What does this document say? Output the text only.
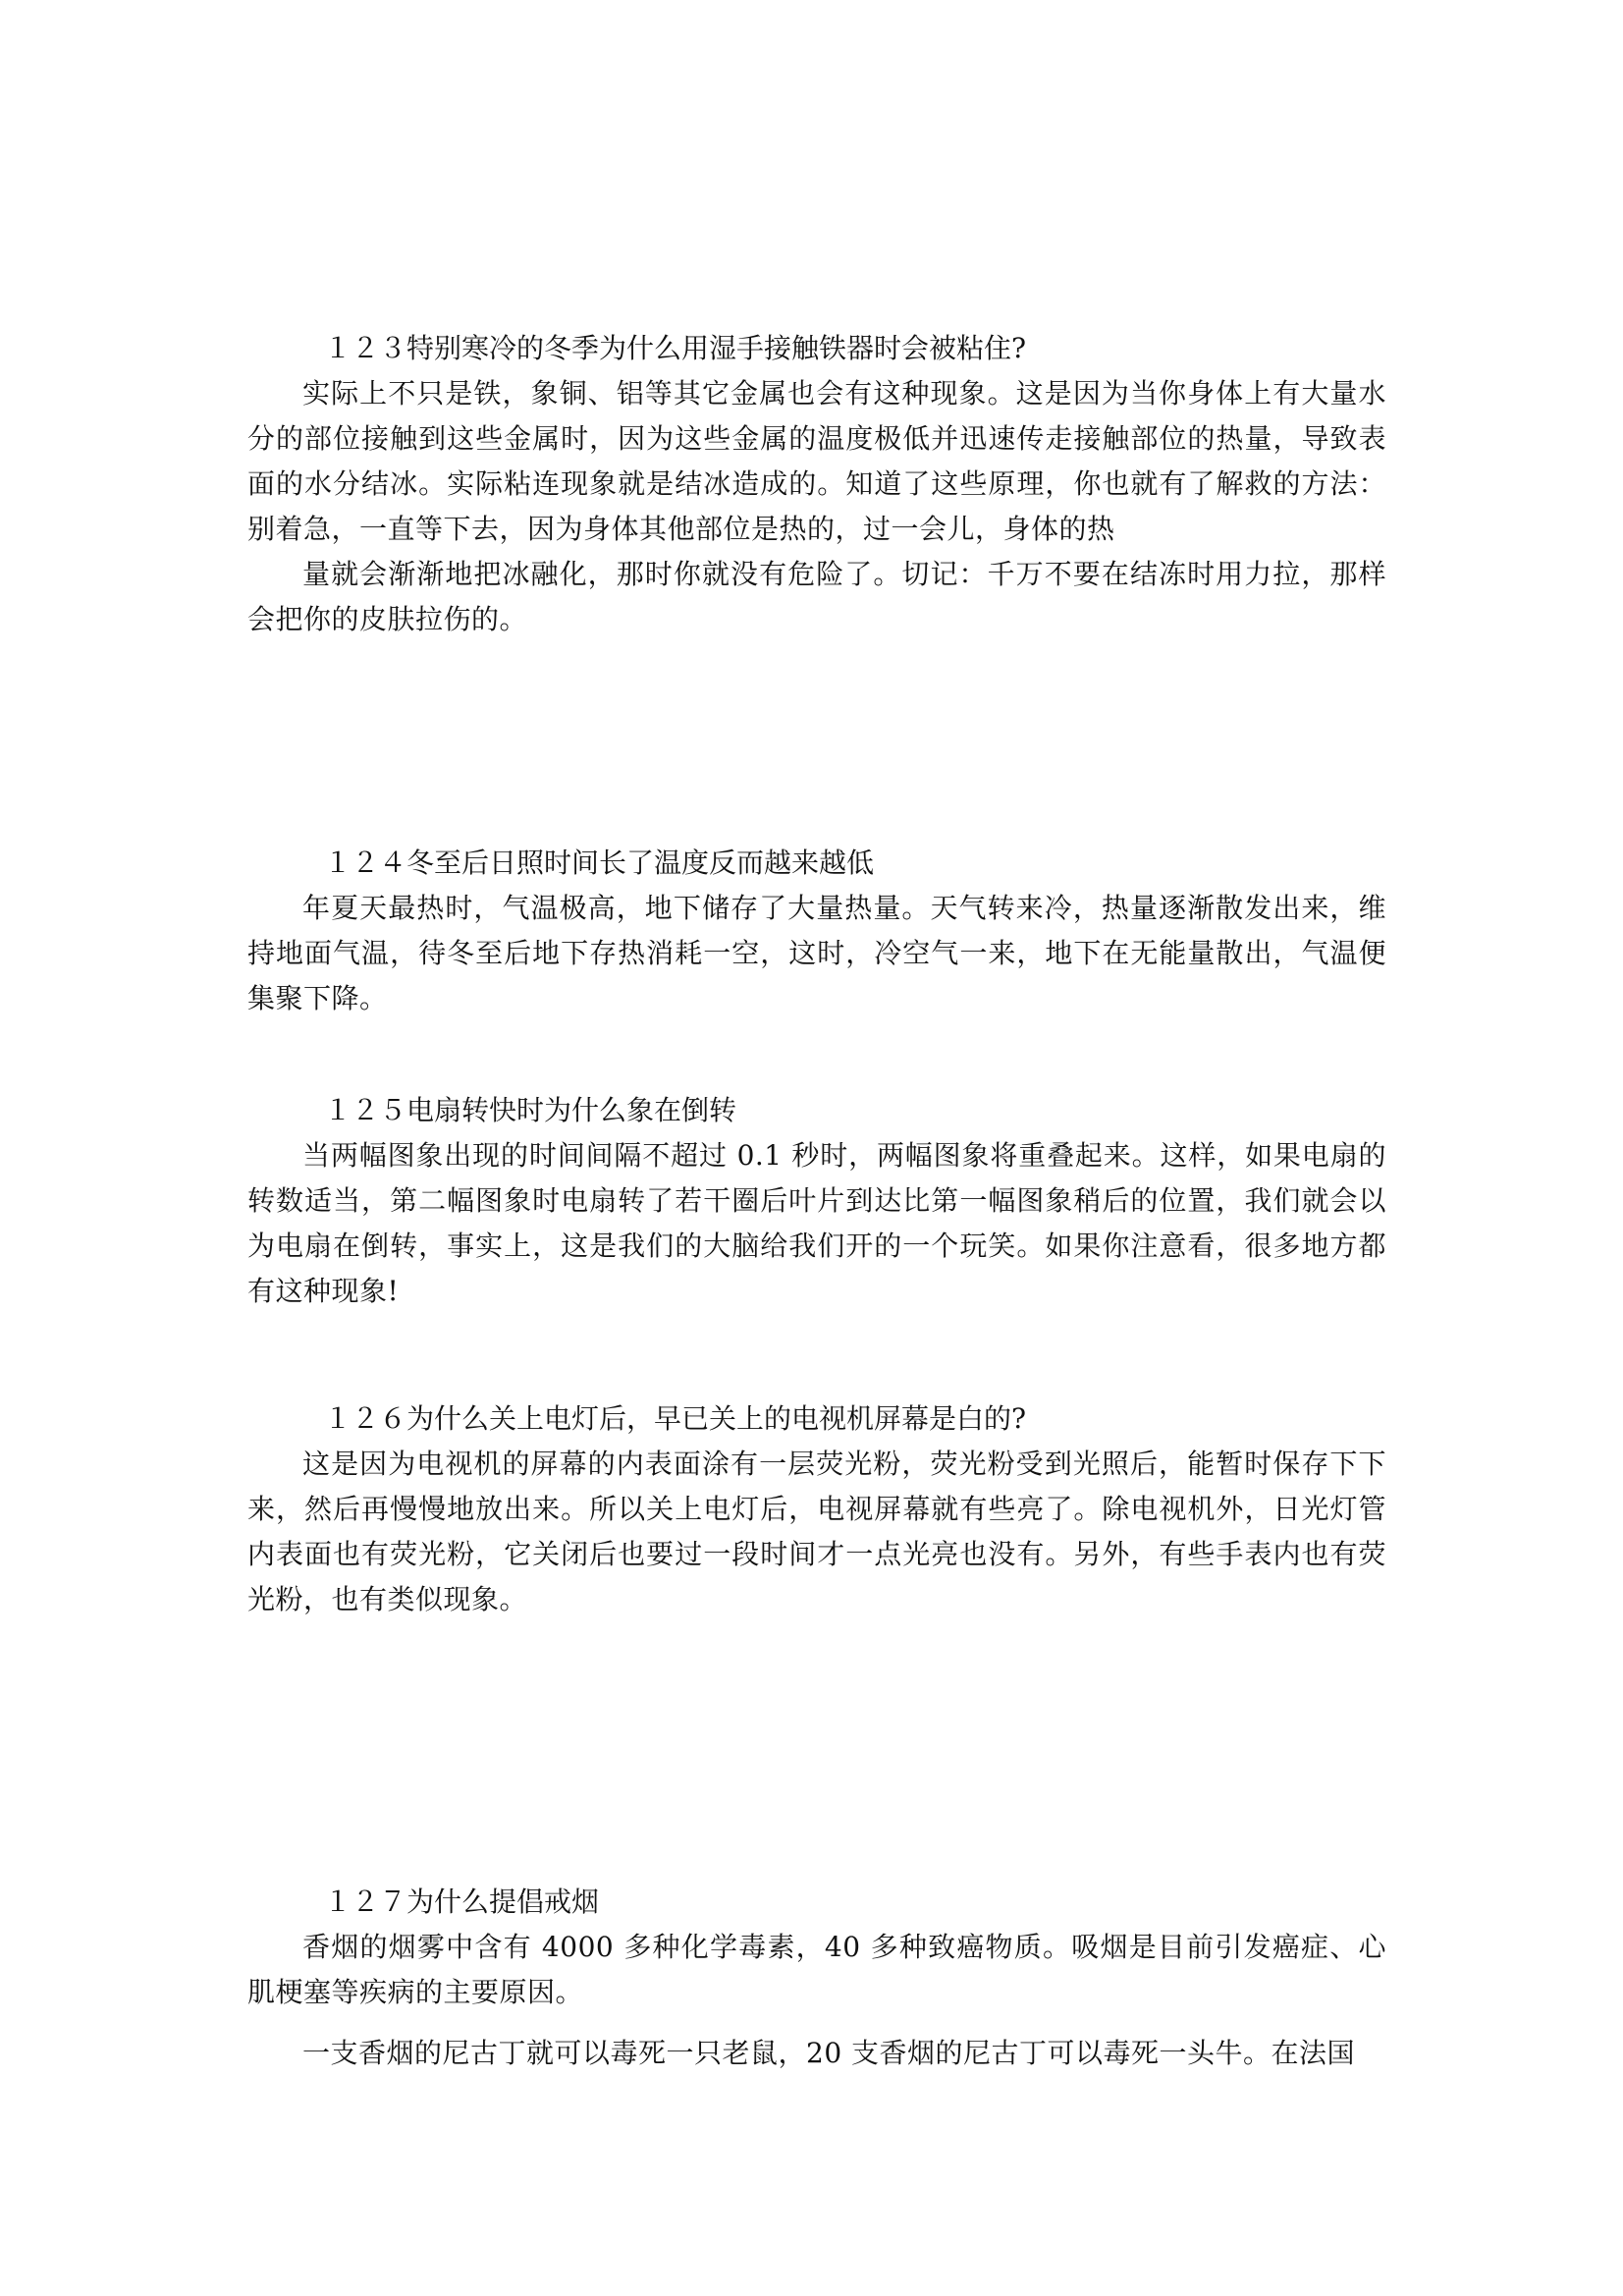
１２３特别寒冷的冬季为什么用湿手接触铁器时会被粘住?

实际上不只是铁，象铜、铝等其它金属也会有这种现象。这是因为当你身体上有大量水分的部位接触到这些金属时，因为这些金属的温度极低并迅速传走接触部位的热量，导致表面的水分结冰。实际粘连现象就是结冰造成的。知道了这些原理，你也就有了解救的方法：别着急，一直等下去，因为身体其他部位是热的，过一会儿，身体的热

量就会渐渐地把冰融化，那时你就没有危险了。切记：千万不要在结冻时用力拉，那样会把你的皮肤拉伤的。

１２４冬至后日照时间长了温度反而越来越低

年夏天最热时，气温极高，地下储存了大量热量。天气转来冷，热量逐渐散发出来，维持地面气温，待冬至后地下存热消耗一空，这时，冷空气一来，地下在无能量散出，气温便集聚下降。

１２５电扇转快时为什么象在倒转

当两幅图象出现的时间间隔不超过 0.1 秒时，两幅图象将重叠起来。这样，如果电扇的转数适当，第二幅图象时电扇转了若干圈后叶片到达比第一幅图象稍后的位置，我们就会以为电扇在倒转，事实上，这是我们的大脑给我们开的一个玩笑。如果你注意看，很多地方都有这种现象!

１２６为什么关上电灯后，早已关上的电视机屏幕是白的?

这是因为电视机的屏幕的内表面涂有一层荧光粉，荧光粉受到光照后，能暂时保存下下来，然后再慢慢地放出来。所以关上电灯后，电视屏幕就有些亮了。除电视机外，日光灯管内表面也有荧光粉，它关闭后也要过一段时间才一点光亮也没有。另外，有些手表内也有荧光粉，也有类似现象。

１２７为什么提倡戒烟

香烟的烟雾中含有 4000 多种化学毒素，40 多种致癌物质。吸烟是目前引发癌症、心肌梗塞等疾病的主要原因。

一支香烟的尼古丁就可以毒死一只老鼠，20 支香烟的尼古丁可以毒死一头牛。在法国
